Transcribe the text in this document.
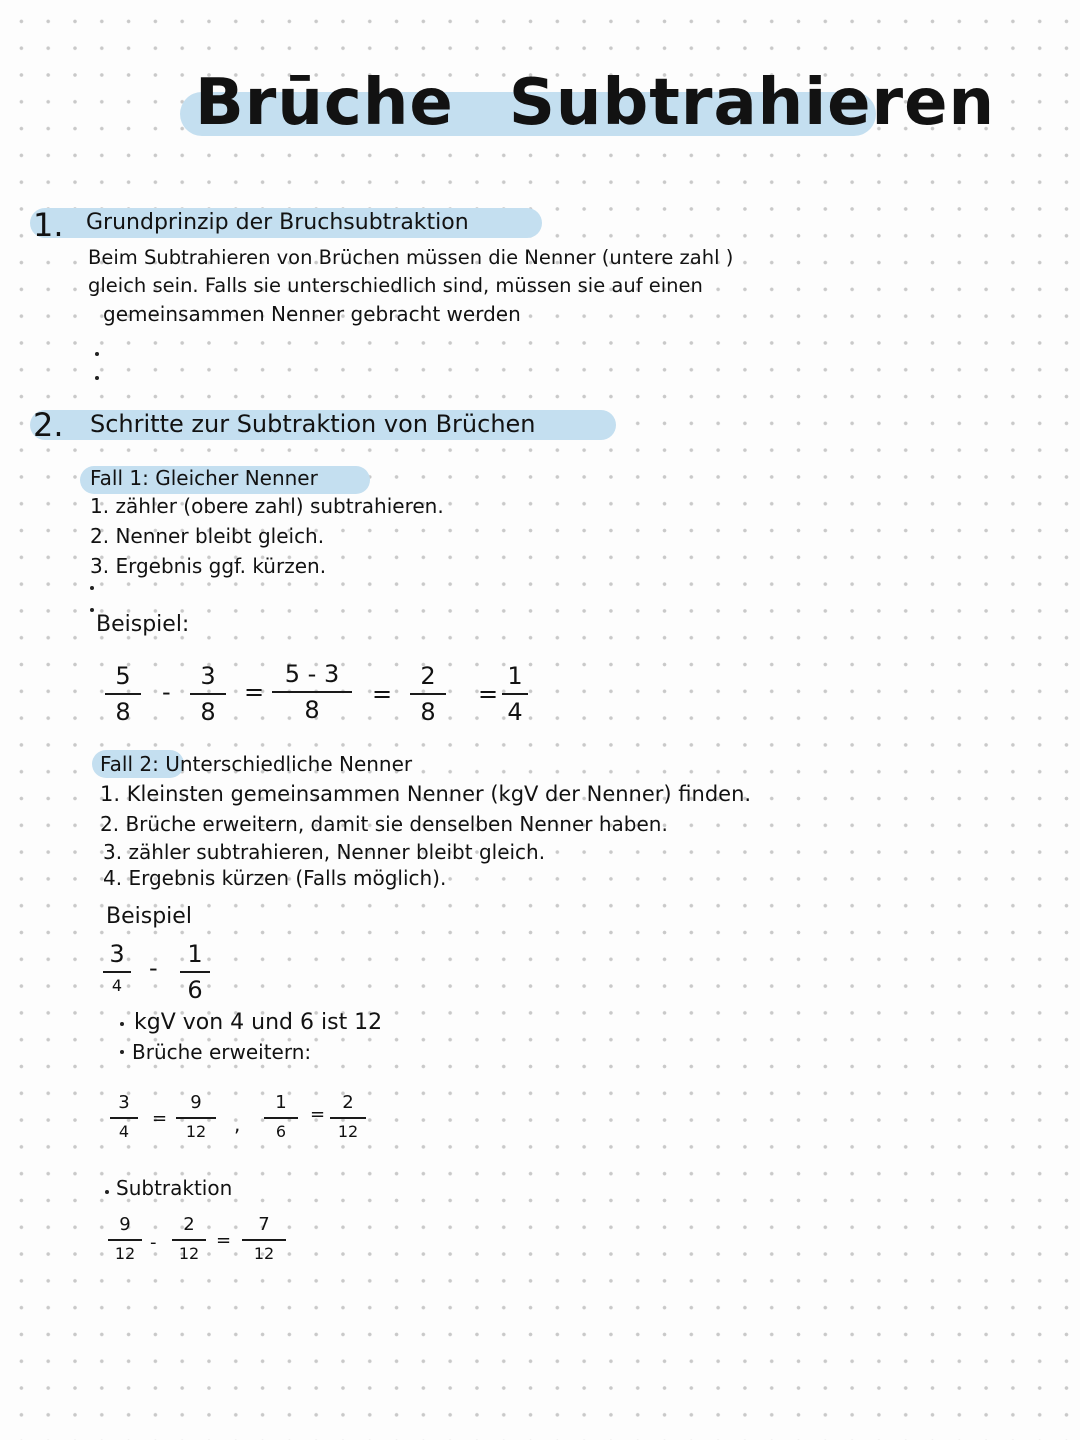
Brūche Subtrahieren
1. Grundprinzip der Bruchsubtraktion
Beim Subtrahieren von Brüchen müssen die Nenner (untere zahl )
gleich sein. Falls sie unterschiedlich sind, müssen sie auf einen
gemeinsammen Nenner gebracht werden
2. Schritte zur Subtraktion von Brüchen
Fall 1: Gleicher Nenner
1. zähler (obere zahl) subtrahieren.
2. Nenner bleibt gleich.
3. Ergebnis ggf. kürzen.
Beispiel:
5
8
-
3
8
=
5 - 3
8
=
2
8
=
1
4
Fall 2: Unterschiedliche Nenner
1. Kleinsten gemeinsammen Nenner (kgV der Nenner) finden.
2. Brüche erweitern, damit sie denselben Nenner haben.
3. zähler subtrahieren, Nenner bleibt gleich.
4. Ergebnis kürzen (Falls möglich).
Beispiel
3
4
- 1
6
kgV von 4 und 6 ist 12
Brüche erweitern:
3
4
=
9
12 ,
1
6
=
2
12
Subtraktion
9
12
-
2
12
=
7
12
